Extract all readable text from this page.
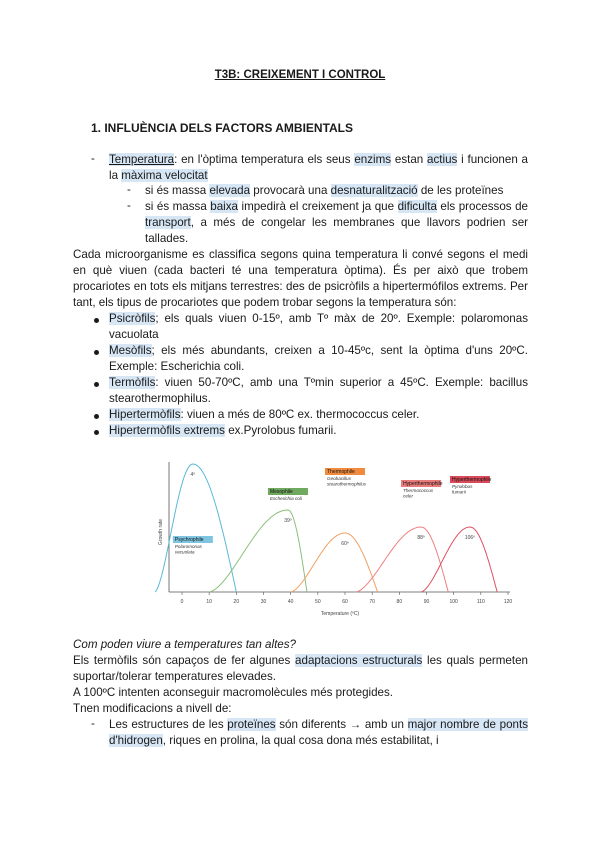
T3B: CREIXEMENT I CONTROL
1. INFLUÈNCIA DELS FACTORS AMBIENTALS
- Temperatura: en l'òptima temperatura els seus enzims estan actius i funcionen a la màxima velocitat
- si és massa elevada provocarà una desnaturalització de les proteïnes
- si és massa baixa impedirà el creixement ja que dificulta els processos de transport, a més de congelar les membranes que llavors podrien ser tallades.
Cada microorganisme es classifica segons quina temperatura li convé segons el medi en què viuen (cada bacteri té una temperatura òptima). És per això que trobem procariotes en tots els mitjans terrestres: des de psicròfils a hipertermófilos extrems. Per tant, els tipus de procariotes que podem trobar segons la temperatura són:
Psicròfils; els quals viuen 0-15º, amb Tº màx de 20º. Exemple: polaromonas vacuolata
Mesòfils; els més abundants, creixen a 10-45ºc, sent la òptima d'uns 20ºC. Exemple: Escherichia coli.
Termòfils: viuen 50-70ºC, amb una Tºmin superior a 45ºC. Exemple: bacillus stearothermophilus.
Hipertermòfils: viuen a més de 80ºC ex. thermococcus celer.
Hipertermòfils extrems ex.Pyrolobus fumarii.
0	10	20	30	40	50	60	70	80	90	100	110	120
4º
Psychrophile
Polaromonas
vacuolata
39º
Mesophile
Escherichia coli
60º
Thermophile
Geobacillus
stearothermophilus
88º
Hyperthermophile
Thermococcus
celer
106º
Hyperthermophile
Pyrolobus
fumarii
Temperature (ºC)
Growth rate
Com poden viure a temperatures tan altes?
Els termòfils són capaços de fer algunes adaptacions estructurals les quals permeten suportar/tolerar temperatures elevades.
A 100ºC intenten aconseguir macromolècules més protegides.
Tnen modificacions a nivell de:
- Les estructures de les proteïnes són diferents → amb un major nombre de ponts d'hidrogen, riques en prolina, la qual cosa dona més estabilitat, i
